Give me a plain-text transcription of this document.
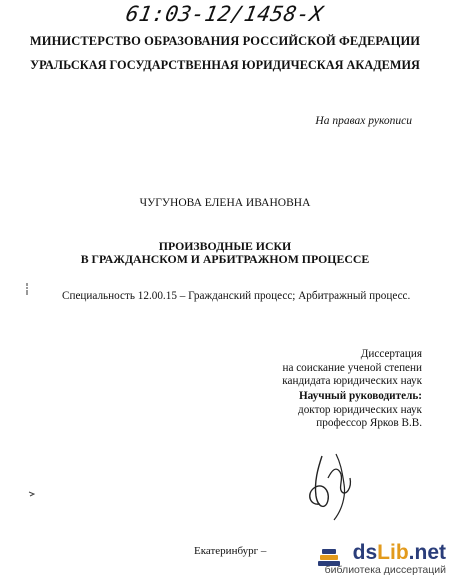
61:03-12/1458-X
МИНИСТЕРСТВО ОБРАЗОВАНИЯ РОССИЙСКОЙ ФЕДЕРАЦИИ
УРАЛЬСКАЯ ГОСУДАРСТВЕННАЯ ЮРИДИЧЕСКАЯ АКАДЕМИЯ
На правах рукописи
ЧУГУНОВА ЕЛЕНА ИВАНОВНА
ПРОИЗВОДНЫЕ ИСКИ
В ГРАЖДАНСКОМ И АРБИТРАЖНОМ ПРОЦЕССЕ
Специальность 12.00.15 – Гражданский процесс; Арбитражный процесс.
Диссертация
на соискание ученой степени
кандидата юридических наук
Научный руководитель:
доктор юридических наук
профессор Ярков В.В.
Екатеринбург –	dsLib.net
библиотека диссертаций
